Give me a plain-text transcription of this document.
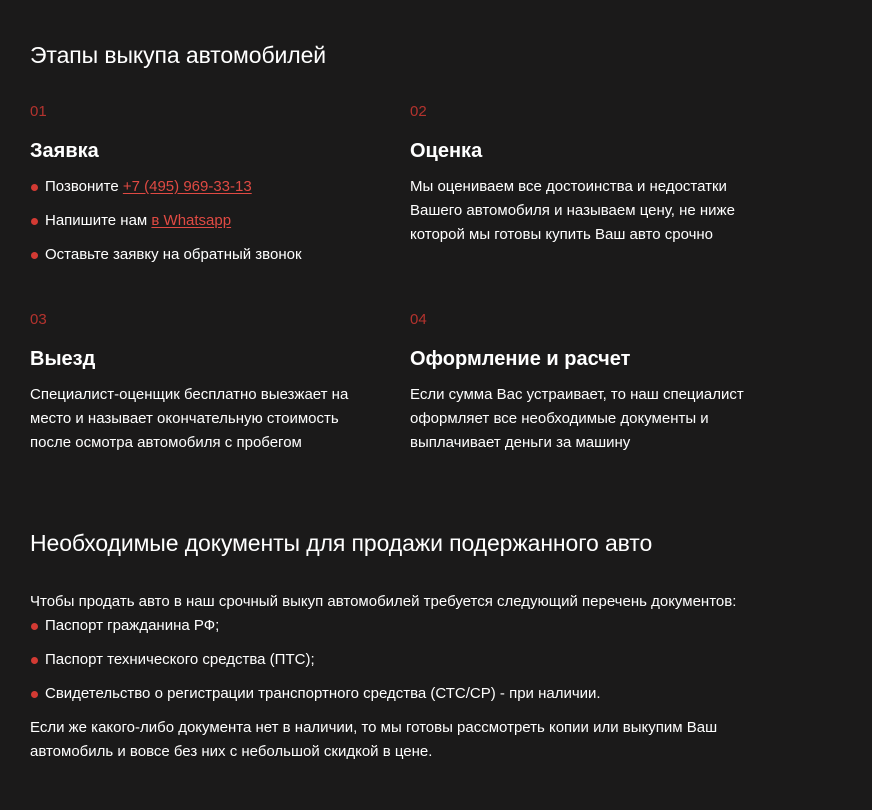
Этапы выкупа автомобилей

01

Заявка
Позвоните +7 (495) 969-33-13
Напишите нам в Whatsapp
Оставьте заявку на обратный звонок

02

Оценка

Мы оцениваем все достоинства и недостатки Вашего автомобиля и называем цену, не ниже которой мы готовы купить Ваш авто срочно

03

Выезд

Специалист-оценщик бесплатно выезжает на место и называет окончательную стоимость после осмотра автомобиля с пробегом

04

Оформление и расчет

Если сумма Вас устраивает, то наш специалист оформляет все необходимые документы и выплачивает деньги за машину

Необходимые документы для продажи подержанного авто

Чтобы продать авто в наш срочный выкуп автомобилей требуется следующий перечень документов:

Паспорт гражданина РФ;
Паспорт технического средства (ПТС);
Свидетельство о регистрации транспортного средства (СТС/СР) - при наличии.

Если же какого-либо документа нет в наличии, то мы готовы рассмотреть копии или выкупим Ваш автомобиль и вовсе без них с небольшой скидкой в цене.
